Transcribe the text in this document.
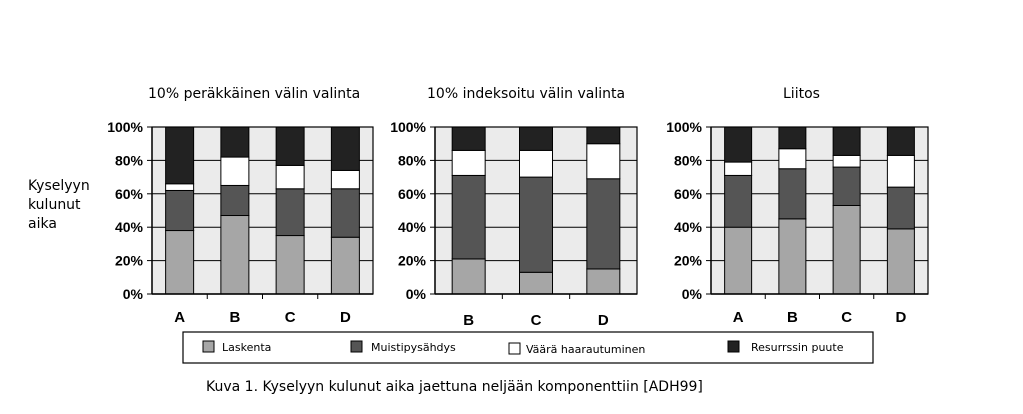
0%
20%
40%
60%
80%
100%
A	B	C	D
10% peräkkäinen välin valinta
0%
20%
40%
60%
80%
100%
B	C	D
10% indeksoitu välin valinta
0%
20%
40%
60%
80%
100%
A	B	C	D
Liitos
Kyselyyn
kulunut
aika
Laskenta	Muistipysähdys	Väärä haarautuminen	Resurrssin puute
Kuva 1. Kyselyyn kulunut aika jaettuna neljään komponenttiin [ADH99]
